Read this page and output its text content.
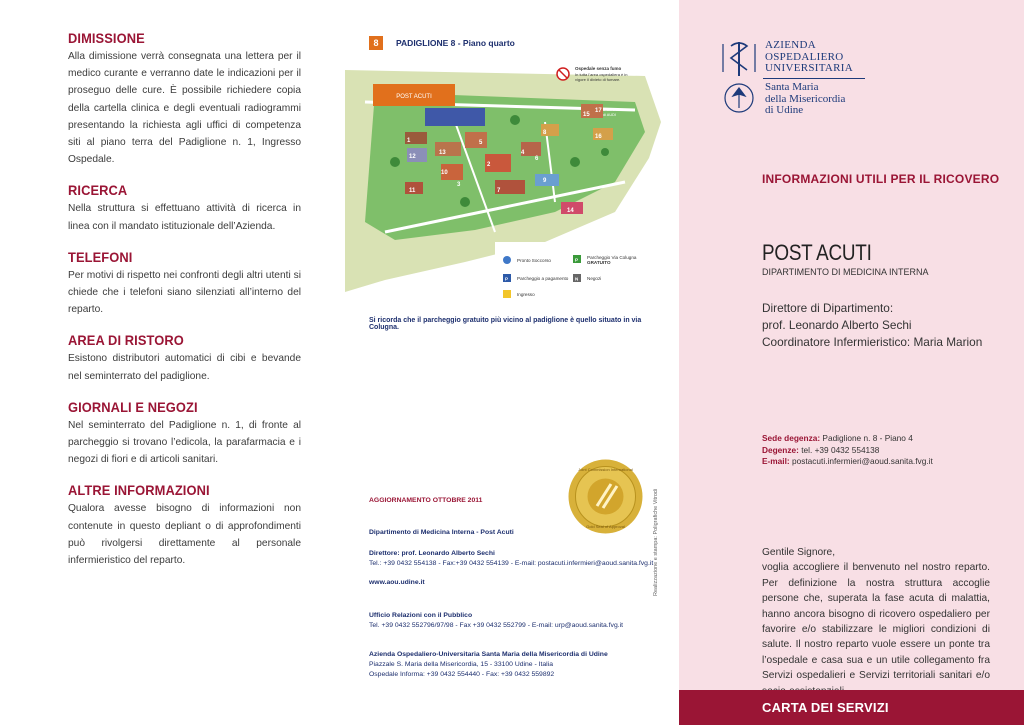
DIMISSIONE

Alla dimissione verrà consegnata una lettera per il medico curante e verranno date le indicazioni per il proseguo delle cure. È possibile richiedere copia della cartella clinica e degli eventuali radiogrammi presentando la richiesta agli uffici di competenza siti al piano terra del Padiglione n. 1, Ingresso Ospedale.

RICERCA

Nella struttura si effettuano attività di ricerca in linea con il mandato istituzionale dell’Azienda.

TELEFONI

Per motivi di rispetto nei confronti degli altri utenti si chiede che i telefoni siano silenziati all’interno del reparto.

AREA DI RISTORO

Esistono distributori automatici di cibi e bevande nel seminterrato del padiglione.

GIORNALI E NEGOZI

Nel seminterrato del Padiglione n. 1, di fronte al parcheggio si trovano l’edicola, la parafarmacia e i negozi di fiori e di articoli sanitari.

ALTRE INFORMAZIONI

Qualora avesse bisogno di informazioni non contenute in questo depliant o di approfondimenti può rivolgersi direttamente al personale infermieristico del reparto.

8	PADIGLIONE 8 - Piano quarto
POST ACUTI
Ospedale senza fumo
In tutta l’area ospedaliera è in
vigore il divieto di fumare.
BIBLIOTECA
di AUDI
1
2
3
4
5
6
7
8
9
10
11
12
13
14
15
16
17
Pronto Soccorso
P Parcheggio a pagamento
Ingresso
P Parcheggio Via Colugna
GRATUITO
N Negozi
Si ricorda che il parcheggio gratuito più vicino al padiglione è quello situato in via Colugna.
Joint Commission International
Gold Seal of Approval
AGGIORNAMENTO OTTOBRE 2011
Dipartimento di Medicina Interna - Post Acuti
Direttore: prof. Leonardo Alberto Sechi
Tel.: +39 0432 554138 - Fax:+39 0432 554139 - E-mail: postacuti.infermieri@aoud.sanita.fvg.it
www.aou.udine.it
Ufficio Relazioni con il Pubblico
Tel. +39 0432 552796/97/98 - Fax +39 0432 552799 - E-mail: urp@aoud.sanita.fvg.it
Azienda Ospedaliero-Universitaria Santa Maria della Misericordia di Udine
Piazzale S. Maria della Misericordia, 15 - 33100 Udine - Italia
Ospedale Informa: +39 0432 554440 - Fax: +39 0432 559892
Realizzazione e stampa: Poligrafiche Vitrodi
AZIENDA
OSPEDALIERO
UNIVERSITARIA
Santa Maria
della Misericordia
di Udine
INFORMAZIONI UTILI PER IL RICOVERO
POST ACUTI
DIPARTIMENTO DI MEDICINA INTERNA
Direttore di Dipartimento:
prof. Leonardo Alberto Sechi
Coordinatore Infermieristico: Maria Marion
Sede degenza: Padiglione n. 8 - Piano 4
Degenze: tel. +39 0432 554138
E-mail: postacuti.infermieri@aoud.sanita.fvg.it
Gentile Signore,
voglia accogliere il benvenuto nel nostro reparto. Per definizione la nostra struttura accoglie persone che, superata la fase acuta di malattia, hanno ancora bisogno di ricovero ospedaliero per favorire e/o stabilizzare le migliori condizioni di salute. Il nostro reparto vuole essere un ponte tra l’ospedale e casa sua e un utile collegamento fra Servizi ospedalieri e Servizi territoriali sanitari e/o
CARTA DEI SERVIZI
